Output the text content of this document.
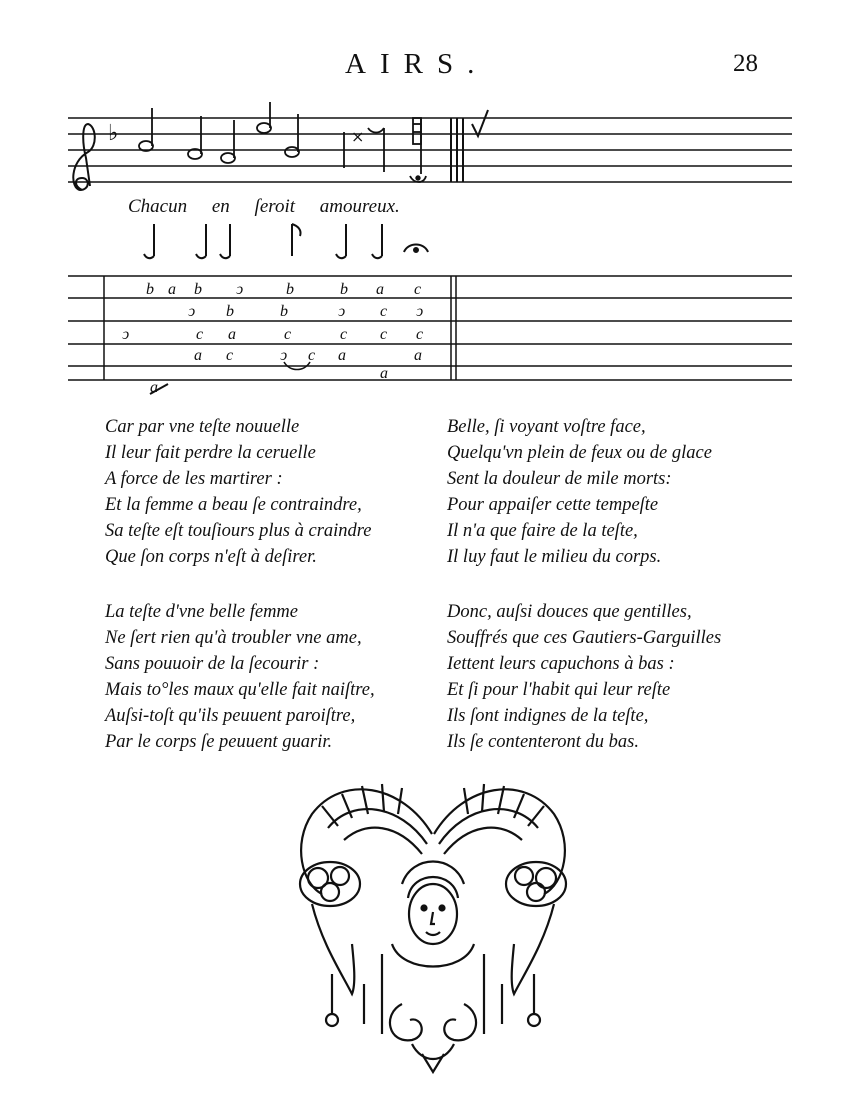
AIRS.	28
♭	×
Chacun en ſeroit amoureux.
b a b ↄ	b	b a c
ↄ b	b	ↄ c ↄ
ↄ	c a	c	c c c
a c	ↄ c a	a
a
a
Car par vne teſte nouuelle
Il leur fait perdre la ceruelle
A force de les martirer :
Et la femme a beau ſe contraindre,
Sa teſte eſt touſiours plus à craindre
Que ſon corps n'eſt à deſirer.
Belle, ſi voyant voſtre face,
Quelqu'vn plein de feux ou de glace
Sent la douleur de mile morts:
Pour appaiſer cette tempeſte
Il n'a que faire de la teſte,
Il luy faut le milieu du corps.
La teſte d'vne belle femme
Ne ſert rien qu'à troubler vne ame,
Sans pouuoir de la ſecourir :
Mais to°les maux qu'elle fait naiſtre,
Auſsi-toſt qu'ils peuuent paroiſtre,
Par le corps ſe peuuent guarir.
Donc, auſsi douces que gentilles,
Souffrés que ces Gautiers-Garguilles
Iettent leurs capuchons à bas :
Et ſi pour l'habit qui leur reſte
Ils ſont indignes de la teſte,
Ils ſe contenteront du bas.
